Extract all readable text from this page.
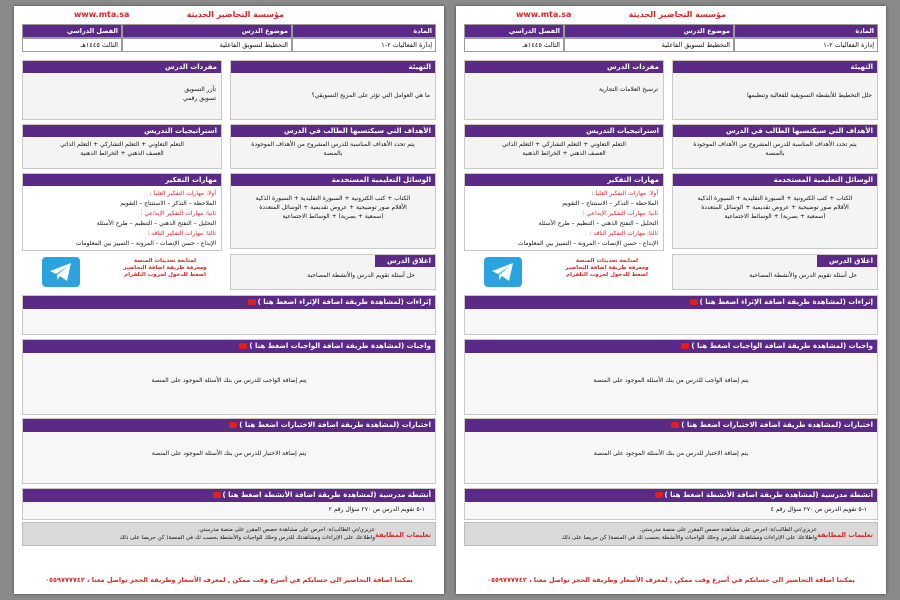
مؤسسة التحاضير الحديثة
www.mta.sa
المادة
موضوع الدرس
الفصل الدراسي
إدارة الفعاليات ٢-١
التخطيط لتسويق الفاعلية
الثالث ١٤٤٥هـ
التهيئة
ما هي العوامل التي تؤثر على المزيج التسويقي؟
مفردات الدرس
تآزر التسويق
تسويق رقمي
الأهداف التي سيكتسبها الطالب في الدرس
يتم تحدد الأهداف المناسبة للدرس المشروح من الأهداف الموجودة
بالمنصة
استراتيجيات التدريس
التعلم التعاوني + التعلم التشاركي + التعلم الذاتي
العصف الذهني + الخرائط الذهنية
الوسائل التعليمية المستخدمة
الكتاب + كتب الكترونية + السبورة التقليدية + السبورة الذكية
الأقلام صور توضيحية + عروض تقديمية + الوسائل المتعددة
(سمعية + بصرية) + الوسائط الاجتماعية
مهارات التفكير
أولا: مهارات التفكير العليا :
الملاحظة – التذكر – الاستنتاج – التقويم
ثانيا: مهارات التفكير الإبداعي :
التحليل – التفتح الذهني – التنظيم – طرح الأسئلة
ثالثا: مهارات التفكير الناقد :
الإبداع - حسن الإنصات - المرونة – التمييز بين المعلومات
اغلاق الدرس
حل أسئلة تقويم الدرس والأنشطة المصاحبة
لمتابعة تحديثات المنصة
ومعرفة طريقة اضافة التحاضير
اضغط للدخول لجروب التلقرام
إثراءات (لمشاهدة طريقة اضافة الإثراء اضغط هنا )
واجبات (لمشاهدة طريقة اضافة الواجبات اضغط هنا )
يتم إضافة الواجب للدرس من بنك الأسئلة الموجود على المنصة
اختبارات (لمشاهدة طريقة اضافة الاختبارات اضغط هنا )
يتم إضافة الاختبار للدرس من بنك الأسئلة الموجود على المنصة
أنشطة مدرسية (لمشاهدة طريقة اضافة الأنشطة اضغط هنا )
١-٥ تقويم الدرس ص ٢٧٠ سؤال رقم ٢
تعليمات المطابقة
عزيزي/تي الطالب/ة: احرص على مشاهدة حصص المقرر على منصة مدرستي.
واطلاعك على الإثراءات ومشاهدتك للدرس وحلك للواجبات والأنشطة بحسب ثك في المنصة( كن حريصا على ذلك
يمكننا اضافة التحاضير الى حسابكم في أسرع وقت ممكن , لمعرف الأسعار وطريقة الحجز تواصل معنا ، ٠٥٥٩٧٧٧٧٤٢
مؤسسة التحاضير الحديثة
www.mta.sa
المادة
موضوع الدرس
الفصل الدراسي
إدارة الفعاليات ٢-١
التخطيط لتسويق الفاعلية
الثالث ١٤٤٥هـ
التهيئة
حلل التخطيط للأنشطة التسويقية للفعالية وتنظيمها
مفردات الدرس
ترسيخ العلامات التجارية
الأهداف التي سيكتسبها الطالب في الدرس
يتم تحدد الأهداف المناسبة للدرس المشروح من الأهداف الموجودة
بالمنصة
استراتيجيات التدريس
التعلم التعاوني + التعلم التشاركي + التعلم الذاتي
العصف الذهني + الخرائط الذهنية
الوسائل التعليمية المستخدمة
الكتاب + كتب الكترونية + السبورة التقليدية + السبورة الذكية
الأقلام صور توضيحية + عروض تقديمية + الوسائل المتعددة
(سمعية + بصرية) + الوسائط الاجتماعية
مهارات التفكير
أولا: مهارات التفكير العليا :
الملاحظة – التذكر – الاستنتاج – التقويم
ثانيا: مهارات التفكير الإبداعي :
التحليل – التفتح الذهني – التنظيم – طرح الأسئلة
ثالثا: مهارات التفكير الناقد :
الإبداع - حسن الإنصات - المرونة – التمييز بين المعلومات
اغلاق الدرس
حل أسئلة تقويم الدرس والأنشطة المصاحبة
لمتابعة تحديثات المنصة
ومعرفة طريقة اضافة التحاضير
اضغط للدخول لجروب التلقرام
إثراءات (لمشاهدة طريقة اضافة الإثراء اضغط هنا )
واجبات (لمشاهدة طريقة اضافة الواجبات اضغط هنا )
يتم إضافة الواجب للدرس من بنك الأسئلة الموجود على المنصة
اختبارات (لمشاهدة طريقة اضافة الاختبارات اضغط هنا )
يتم إضافة الاختبار للدرس من بنك الأسئلة الموجود على المنصة
أنشطة مدرسية (لمشاهدة طريقة اضافة الأنشطة اضغط هنا )
١-٥ تقويم الدرس ص ٢٧٠ سؤال رقم ٤
تعليمات المطابقة
عزيزي/تي الطالب/ة: احرص على مشاهدة حصص المقرر على منصة مدرستي.
واطلاعك على الإثراءات ومشاهدتك للدرس وحلك للواجبات والأنشطة بحسب ثك في المنصة( كن حريصا على ذلك
يمكننا اضافة التحاضير الى حسابكم في أسرع وقت ممكن , لمعرف الأسعار وطريقة الحجز تواصل معنا ، ٠٥٥٩٧٧٧٧٤٢
